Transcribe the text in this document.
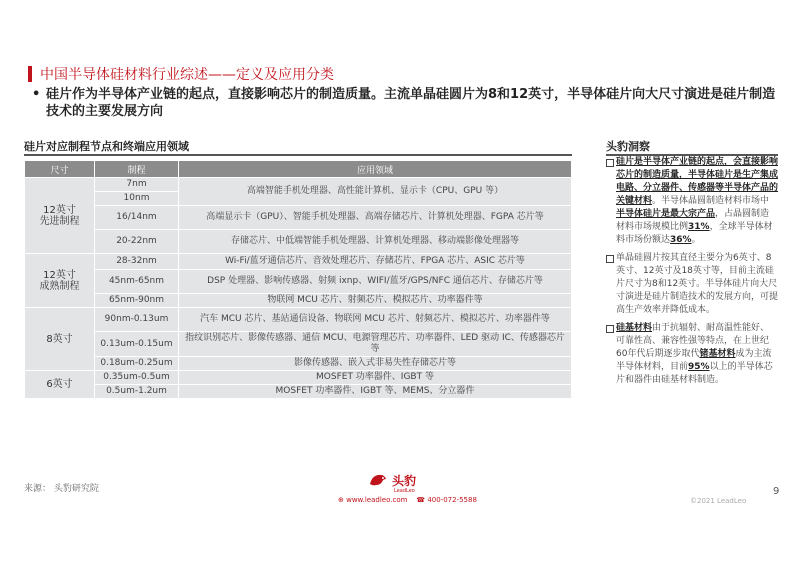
中国半导体硅材料行业综述——定义及应用分类
• 硅片作为半导体产业链的起点，直接影响芯片的制造质量。主流单晶硅圆片为8和12英寸，半导体硅片向大尺寸演进是硅片制造技术的主要发展方向
硅片对应制程节点和终端应用领域
尺寸	制程	应用领域
12英寸
先进制程	7nm	高端智能手机处理器、高性能计算机、显示卡（CPU、GPU 等）
	10nm	
	16/14nm	高端显示卡（GPU）、智能手机处理器、高端存储芯片、计算机处理器、FGPA 芯片等
	20-22nm	存储芯片、中低端智能手机处理器、计算机处理器、移动端影像处理器等
12英寸
成熟制程	28-32nm	Wi-Fi/蓝牙通信芯片、音效处理芯片、存储芯片、FPGA 芯片、ASIC 芯片等
	45nm-65nm	DSP 处理器、影响传感器、射频 ixnp、WIFI/蓝牙/GPS/NFC 通信芯片、存储芯片等
	65nm-90nm	物联网 MCU 芯片、射频芯片、模拟芯片、功率器件等
8英寸	90nm-0.13um	汽车 MCU 芯片、基站通信设备、物联网 MCU 芯片、射频芯片、模拟芯片、功率器件等
	0.13um-0.15um	指纹识别芯片、影像传感器、通信 MCU、电源管理芯片、功率器件、LED 驱动 IC、传感器芯片等
	0.18um-0.25um	影像传感器、嵌入式非易失性存储芯片等
6英寸	0.35um-0.5um	MOSFET 功率器件、IGBT 等
	0.5um-1.2um	MOSFET 功率器件、IGBT 等、MEMS、分立器件
头豹洞察
硅片是半导体产业链的起点，会直接影响芯片的制造质量，半导体硅片是生产集成电路、分立器件、传感器等半导体产品的关键材料。半导体晶圆制造材料市场中半导体硅片是最大宗产品，占晶圆制造材料市场规模比例31%，全球半导体材料市场份额达36%。
单晶硅圆片按其直径主要分为6英寸、8英寸、12英寸及18英寸等，目前主流硅片尺寸为8和12英寸。半导体硅片向大尺寸演进是硅片制造技术的发展方向，可提高生产效率并降低成本。
硅基材料由于抗辐射、耐高温性能好、可靠性高、兼容性强等特点，在上世纪60年代后期逐步取代锗基材料成为主流半导体材料，目前95%以上的半导体芯片和器件由硅基材料制造。
来源： 头豹研究院	9
头豹
LeadLeo
⊕ www.leadleo.com ☎ 400-072-5588	©2021 LeadLeo
